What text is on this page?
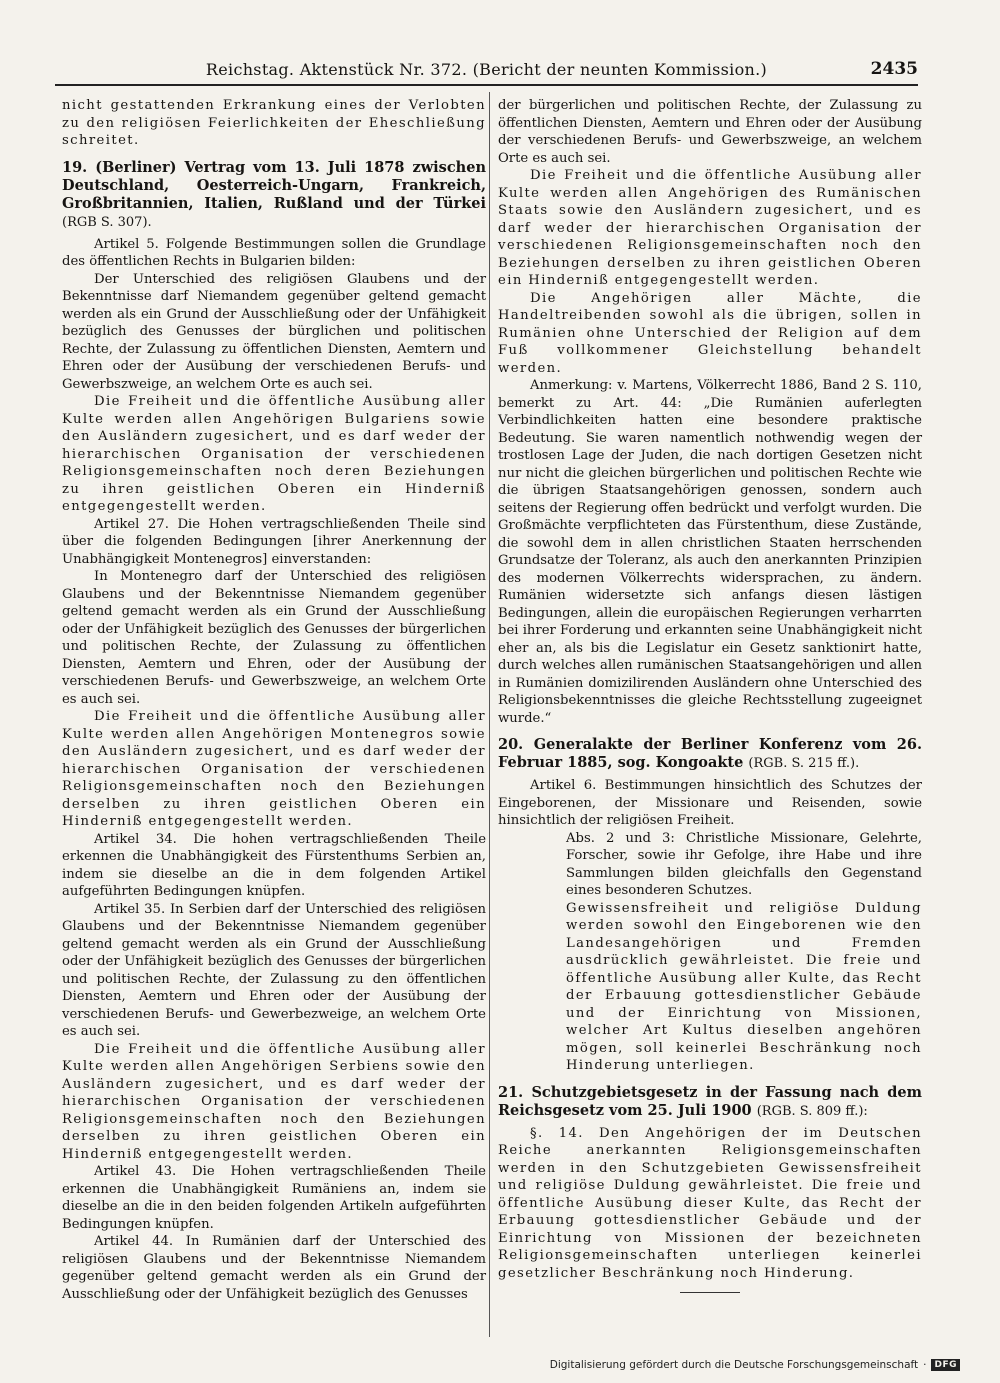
Reichstag. Aktenstück Nr. 372. (Bericht der neunten Kommission.)	2435

nicht gestattenden Erkrankung eines der Verlobten zu den religiösen Feierlichkeiten der Eheschließung schreitet.

19. (Berliner) Vertrag vom 13. Juli 1878 zwischen Deutschland, Oesterreich-Ungarn, Frankreich, Großbritannien, Italien, Rußland und der Türkei (RGB S. 307).

Artikel 5. Folgende Bestimmungen sollen die Grundlage des öffentlichen Rechts in Bulgarien bilden:

Der Unterschied des religiösen Glaubens und der Bekenntnisse darf Niemandem gegenüber geltend gemacht werden als ein Grund der Ausschließung oder der Unfähigkeit bezüglich des Genusses der bürglichen und politischen Rechte, der Zulassung zu öffentlichen Diensten, Aemtern und Ehren oder der Ausübung der verschiedenen Berufs- und Gewerbszweige, an welchem Orte es auch sei.

Die Freiheit und die öffentliche Ausübung aller Kulte werden allen Angehörigen Bulgariens sowie den Ausländern zugesichert, und es darf weder der hierarchischen Organisation der verschiedenen Religionsgemeinschaften noch deren Beziehungen zu ihren geistlichen Oberen ein Hinderniß entgegengestellt werden.

Artikel 27. Die Hohen vertragschließenden Theile sind über die folgenden Bedingungen [ihrer Anerkennung der Unabhängigkeit Montenegros] einverstanden:

In Montenegro darf der Unterschied des religiösen Glaubens und der Bekenntnisse Niemandem gegenüber geltend gemacht werden als ein Grund der Ausschließung oder der Unfähigkeit bezüglich des Genusses der bürgerlichen und politischen Rechte, der Zulassung zu öffentlichen Diensten, Aemtern und Ehren, oder der Ausübung der verschiedenen Berufs- und Gewerbszweige, an welchem Orte es auch sei.

Die Freiheit und die öffentliche Ausübung aller Kulte werden allen Angehörigen Montenegros sowie den Ausländern zugesichert, und es darf weder der hierarchischen Organisation der verschiedenen Religionsgemeinschaften noch den Beziehungen derselben zu ihren geistlichen Oberen ein Hinderniß entgegengestellt werden.

Artikel 34. Die hohen vertragschließenden Theile erkennen die Unabhängigkeit des Fürstenthums Serbien an, indem sie dieselbe an die in dem folgenden Artikel aufgeführten Bedingungen knüpfen.

Artikel 35. In Serbien darf der Unterschied des religiösen Glaubens und der Bekenntnisse Niemandem gegenüber geltend gemacht werden als ein Grund der Ausschließung oder der Unfähigkeit bezüglich des Genusses der bürgerlichen und politischen Rechte, der Zulassung zu den öffentlichen Diensten, Aemtern und Ehren oder der Ausübung der verschiedenen Berufs- und Gewerbezweige, an welchem Orte es auch sei.

Die Freiheit und die öffentliche Ausübung aller Kulte werden allen Angehörigen Serbiens sowie den Ausländern zugesichert, und es darf weder der hierarchischen Organisation der verschiedenen Religionsgemeinschaften noch den Beziehungen derselben zu ihren geistlichen Oberen ein Hinderniß entgegengestellt werden.

Artikel 43. Die Hohen vertragschließenden Theile erkennen die Unabhängigkeit Rumäniens an, indem sie dieselbe an die in den beiden folgenden Artikeln aufgeführten Bedingungen knüpfen.

Artikel 44. In Rumänien darf der Unterschied des religiösen Glaubens und der Bekenntnisse Niemandem gegenüber geltend gemacht werden als ein Grund der Ausschließung oder der Unfähigkeit bezüglich des Genusses

der bürgerlichen und politischen Rechte, der Zulassung zu öffentlichen Diensten, Aemtern und Ehren oder der Ausübung der verschiedenen Berufs- und Gewerbszweige, an welchem Orte es auch sei.

Die Freiheit und die öffentliche Ausübung aller Kulte werden allen Angehörigen des Rumänischen Staats sowie den Ausländern zugesichert, und es darf weder der hierarchischen Organisation der verschiedenen Religionsgemeinschaften noch den Beziehungen derselben zu ihren geistlichen Oberen ein Hinderniß entgegengestellt werden.

Die Angehörigen aller Mächte, die Handeltreibenden sowohl als die übrigen, sollen in Rumänien ohne Unterschied der Religion auf dem Fuß vollkommener Gleichstellung behandelt werden.

Anmerkung: v. Martens, Völkerrecht 1886, Band 2 S. 110, bemerkt zu Art. 44: „Die Rumänien auferlegten Verbindlichkeiten hatten eine besondere praktische Bedeutung. Sie waren namentlich nothwendig wegen der trostlosen Lage der Juden, die nach dortigen Gesetzen nicht nur nicht die gleichen bürgerlichen und politischen Rechte wie die übrigen Staatsangehörigen genossen, sondern auch seitens der Regierung offen bedrückt und verfolgt wurden. Die Großmächte verpflichteten das Fürstenthum, diese Zustände, die sowohl dem in allen christlichen Staaten herrschenden Grundsatze der Toleranz, als auch den anerkannten Prinzipien des modernen Völkerrechts widersprachen, zu ändern. Rumänien widersetzte sich anfangs diesen lästigen Bedingungen, allein die europäischen Regierungen verharrten bei ihrer Forderung und erkannten seine Unabhängigkeit nicht eher an, als bis die Legislatur ein Gesetz sanktionirt hatte, durch welches allen rumänischen Staatsangehörigen und allen in Rumänien domizilirenden Ausländern ohne Unterschied des Religionsbekenntnisses die gleiche Rechtsstellung zugeeignet wurde.“

20. Generalakte der Berliner Konferenz vom 26. Februar 1885, sog. Kongoakte (RGB. S. 215 ff.).

Artikel 6. Bestimmungen hinsichtlich des Schutzes der Eingeborenen, der Missionare und Reisenden, sowie hinsichtlich der religiösen Freiheit.

Abs. 2 und 3: Christliche Missionare, Gelehrte, Forscher, sowie ihr Gefolge, ihre Habe und ihre Sammlungen bilden gleichfalls den Gegenstand eines besonderen Schutzes.

Gewissensfreiheit und religiöse Duldung werden sowohl den Eingeborenen wie den Landesangehörigen und Fremden ausdrücklich gewährleistet. Die freie und öffentliche Ausübung aller Kulte, das Recht der Erbauung gottesdienstlicher Gebäude und der Einrichtung von Missionen, welcher Art Kultus dieselben angehören mögen, soll keinerlei Beschränkung noch Hinderung unterliegen.

21. Schutzgebietsgesetz in der Fassung nach dem Reichsgesetz vom 25. Juli 1900 (RGB. S. 809 ff.):

§. 14. Den Angehörigen der im Deutschen Reiche anerkannten Religionsgemeinschaften werden in den Schutzgebieten Gewissensfreiheit und religiöse Duldung gewährleistet. Die freie und öffentliche Ausübung dieser Kulte, das Recht der Erbauung gottesdienstlicher Gebäude und der Einrichtung von Missionen der bezeichneten Religionsgemeinschaften unterliegen keinerlei gesetzlicher Beschränkung noch Hinderung.

Digitalisierung gefördert durch die Deutsche Forschungsgemeinschaft · DFG
